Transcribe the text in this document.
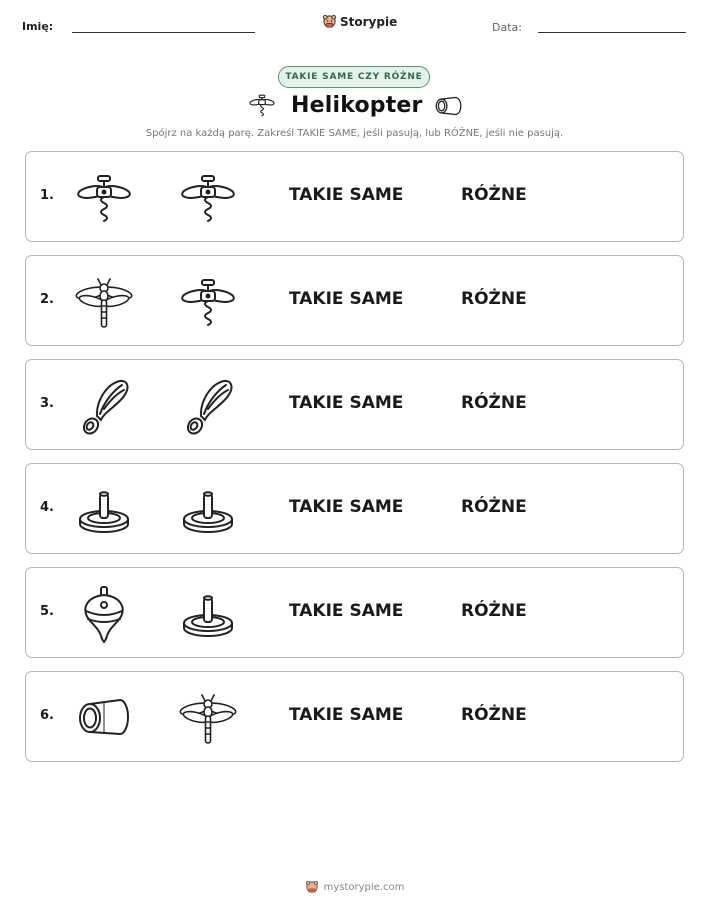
Imię:	Storypie	Data:
TAKIE SAME CZY RÓŻNE
Helikopter
Spójrz na każdą parę. Zakreśl TAKIE SAME, jeśli pasują, lub RÓŻNE, jeśli nie pasują.
1.	TAKIE SAME	RÓŻNE
2.	TAKIE SAME	RÓŻNE
3.	TAKIE SAME	RÓŻNE
4.	TAKIE SAME	RÓŻNE
5.	TAKIE SAME	RÓŻNE
6.	TAKIE SAME	RÓŻNE
mystorypie.com
